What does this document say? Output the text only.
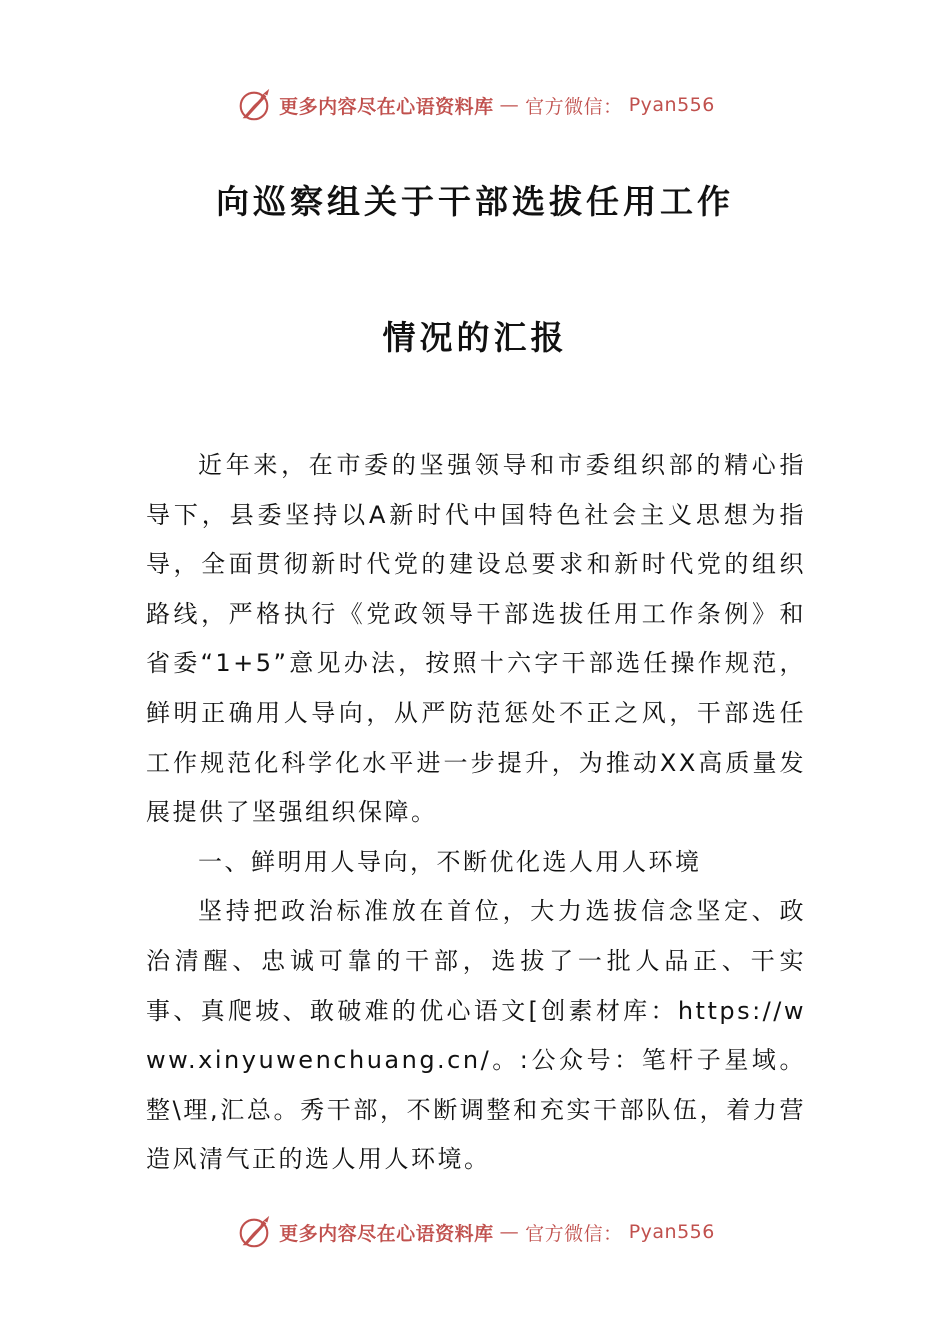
更多内容尽在心语资料库 — 官方微信： Pyan556
向巡察组关于干部选拔任用工作
情况的汇报

近年来，在市委的坚强领导和市委组织部的精心指导下，县委坚持以A新时代中国特色社会主义思想为指导，全面贯彻新时代党的建设总要求和新时代党的组织路线，严格执行《党政领导干部选拔任用工作条例》和省委“1+5”意见办法，按照十六字干部选任操作规范，鲜明正确用人导向，从严防范惩处不正之风，干部选任工作规范化科学化水平进一步提升，为推动XX高质量发展提供了坚强组织保障。

一、鲜明用人导向，不断优化选人用人环境

坚持把政治标准放在首位，大力选拔信念坚定、政治清醒、忠诚可靠的干部，选拔了一批人品正、干实事、真爬坡、敢破难的优心语文[创素材库：https://www.xinyuwenchuang.cn/。:公众号：笔杆子星域。整\理,汇总。秀干部，不断调整和充实干部队伍，着力营造风清气正的选人用人环境。

更多内容尽在心语资料库 — 官方微信： Pyan556
